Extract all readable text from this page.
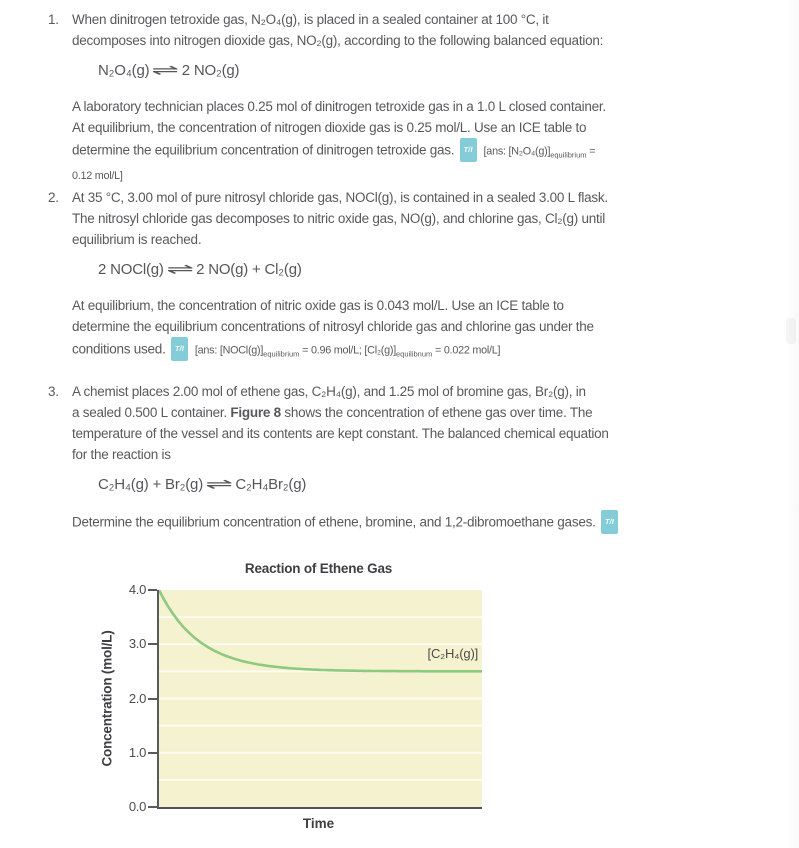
1. When dinitrogen tetroxide gas, N₂O₄(g), is placed in a sealed container at 100 °C, it
decomposes into nitrogen dioxide gas, NO₂(g), according to the following balanced equation:
N₂O₄(g) ⇌ 2 NO₂(g)
A laboratory technician places 0.25 mol of dinitrogen tetroxide gas in a 1.0 L closed container.
At equilibrium, the concentration of nitrogen dioxide gas is 0.25 mol/L. Use an ICE table to
determine the equilibrium concentration of dinitrogen tetroxide gas. T/I [ans: $[N_2O_4(g)]_{equilibrium}$ =
0.12 mol/L]
2. At 35 °C, 3.00 mol of pure nitrosyl chloride gas, NOCl(g), is contained in a sealed 3.00 L flask.
The nitrosyl chloride gas decomposes to nitric oxide gas, NO(g), and chlorine gas, Cl₂(g) until
equilibrium is reached.
2 NOCl(g) ⇌ 2 NO(g) + Cl₂(g)
At equilibrium, the concentration of nitric oxide gas is 0.043 mol/L. Use an ICE table to
determine the equilibrium concentrations of nitrosyl chloride gas and chlorine gas under the
conditions used. T/I [ans: $[NOCl(g)]_{equilibrium} = 0.96$ mol/L; $[Cl_2(g)]_{equilibnum} = 0.022$ mol/L]
3. A chemist places 2.00 mol of ethene gas, C₂H₄(g), and 1.25 mol of bromine gas, Br₂(g), in
a sealed 0.500 L container. Figure 8 shows the concentration of ethene gas over time. The
temperature of the vessel and its contents are kept constant. The balanced chemical equation
for the reaction is
C₂H₄(g) + Br₂(g) ⇌ C₂H₄Br₂(g)
Determine the equilibrium concentration of ethene, bromine, and 1,2-dibromoethane gases. T/I
Reaction of Ethene Gas
Concentration (mol/L)	[C₂H₄(g)]
Time
4.0
3.0
2.0
1.0
0.0
